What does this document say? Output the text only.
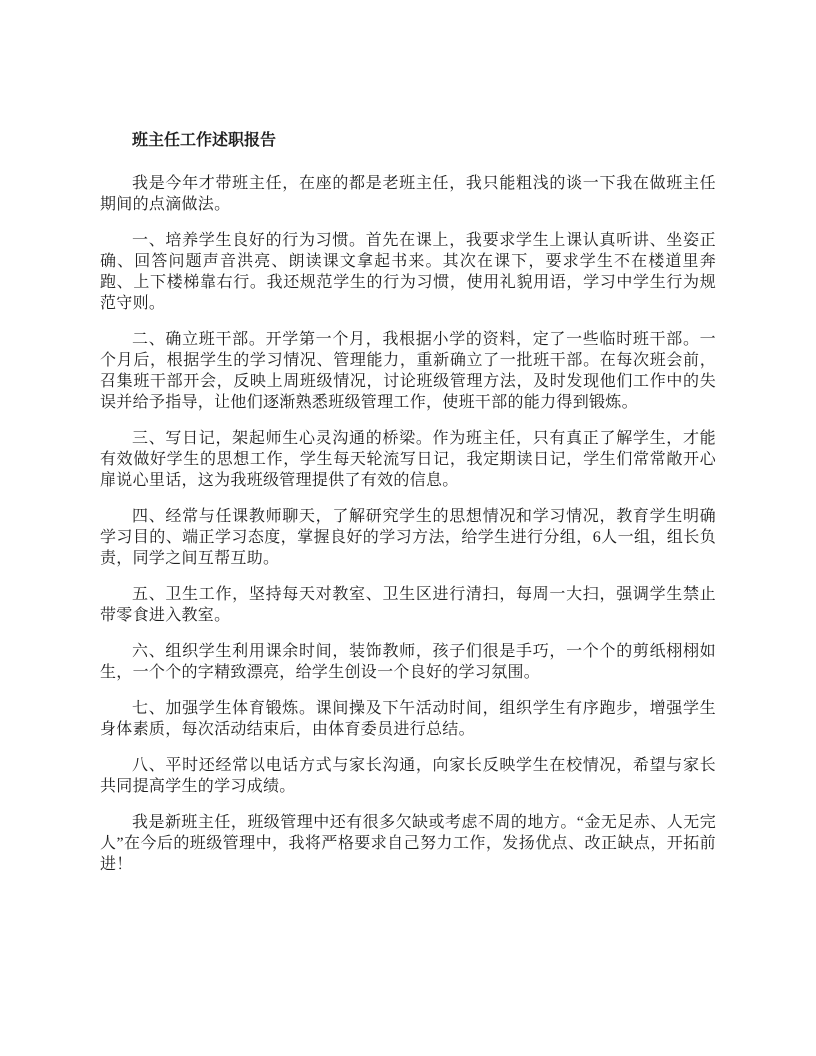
班主任工作述职报告

我是今年才带班主任，在座的都是老班主任，我只能粗浅的谈一下我在做班主任期间的点滴做法。

一、培养学生良好的行为习惯。首先在课上，我要求学生上课认真听讲、坐姿正确、回答问题声音洪亮、朗读课文拿起书来。其次在课下，要求学生不在楼道里奔跑、上下楼梯靠右行。我还规范学生的行为习惯，使用礼貌用语，学习中学生行为规范守则。

二、确立班干部。开学第一个月，我根据小学的资料，定了一些临时班干部。一个月后，根据学生的学习情况、管理能力，重新确立了一批班干部。在每次班会前，召集班干部开会，反映上周班级情况，讨论班级管理方法，及时发现他们工作中的失误并给予指导，让他们逐渐熟悉班级管理工作，使班干部的能力得到锻炼。

三、写日记，架起师生心灵沟通的桥梁。作为班主任，只有真正了解学生，才能有效做好学生的思想工作，学生每天轮流写日记，我定期读日记，学生们常常敞开心扉说心里话，这为我班级管理提供了有效的信息。

四、经常与任课教师聊天，了解研究学生的思想情况和学习情况，教育学生明确学习目的、端正学习态度，掌握良好的学习方法，给学生进行分组，6人一组，组长负责，同学之间互帮互助。

五、卫生工作，坚持每天对教室、卫生区进行清扫，每周一大扫，强调学生禁止带零食进入教室。

六、组织学生利用课余时间，装饰教师，孩子们很是手巧，一个个的剪纸栩栩如生，一个个的字精致漂亮，给学生创设一个良好的学习氛围。

七、加强学生体育锻炼。课间操及下午活动时间，组织学生有序跑步，增强学生身体素质，每次活动结束后，由体育委员进行总结。

八、平时还经常以电话方式与家长沟通，向家长反映学生在校情况，希望与家长共同提高学生的学习成绩。

我是新班主任，班级管理中还有很多欠缺或考虑不周的地方。“金无足赤、人无完人”在今后的班级管理中，我将严格要求自己努力工作，发扬优点、改正缺点，开拓前进！
